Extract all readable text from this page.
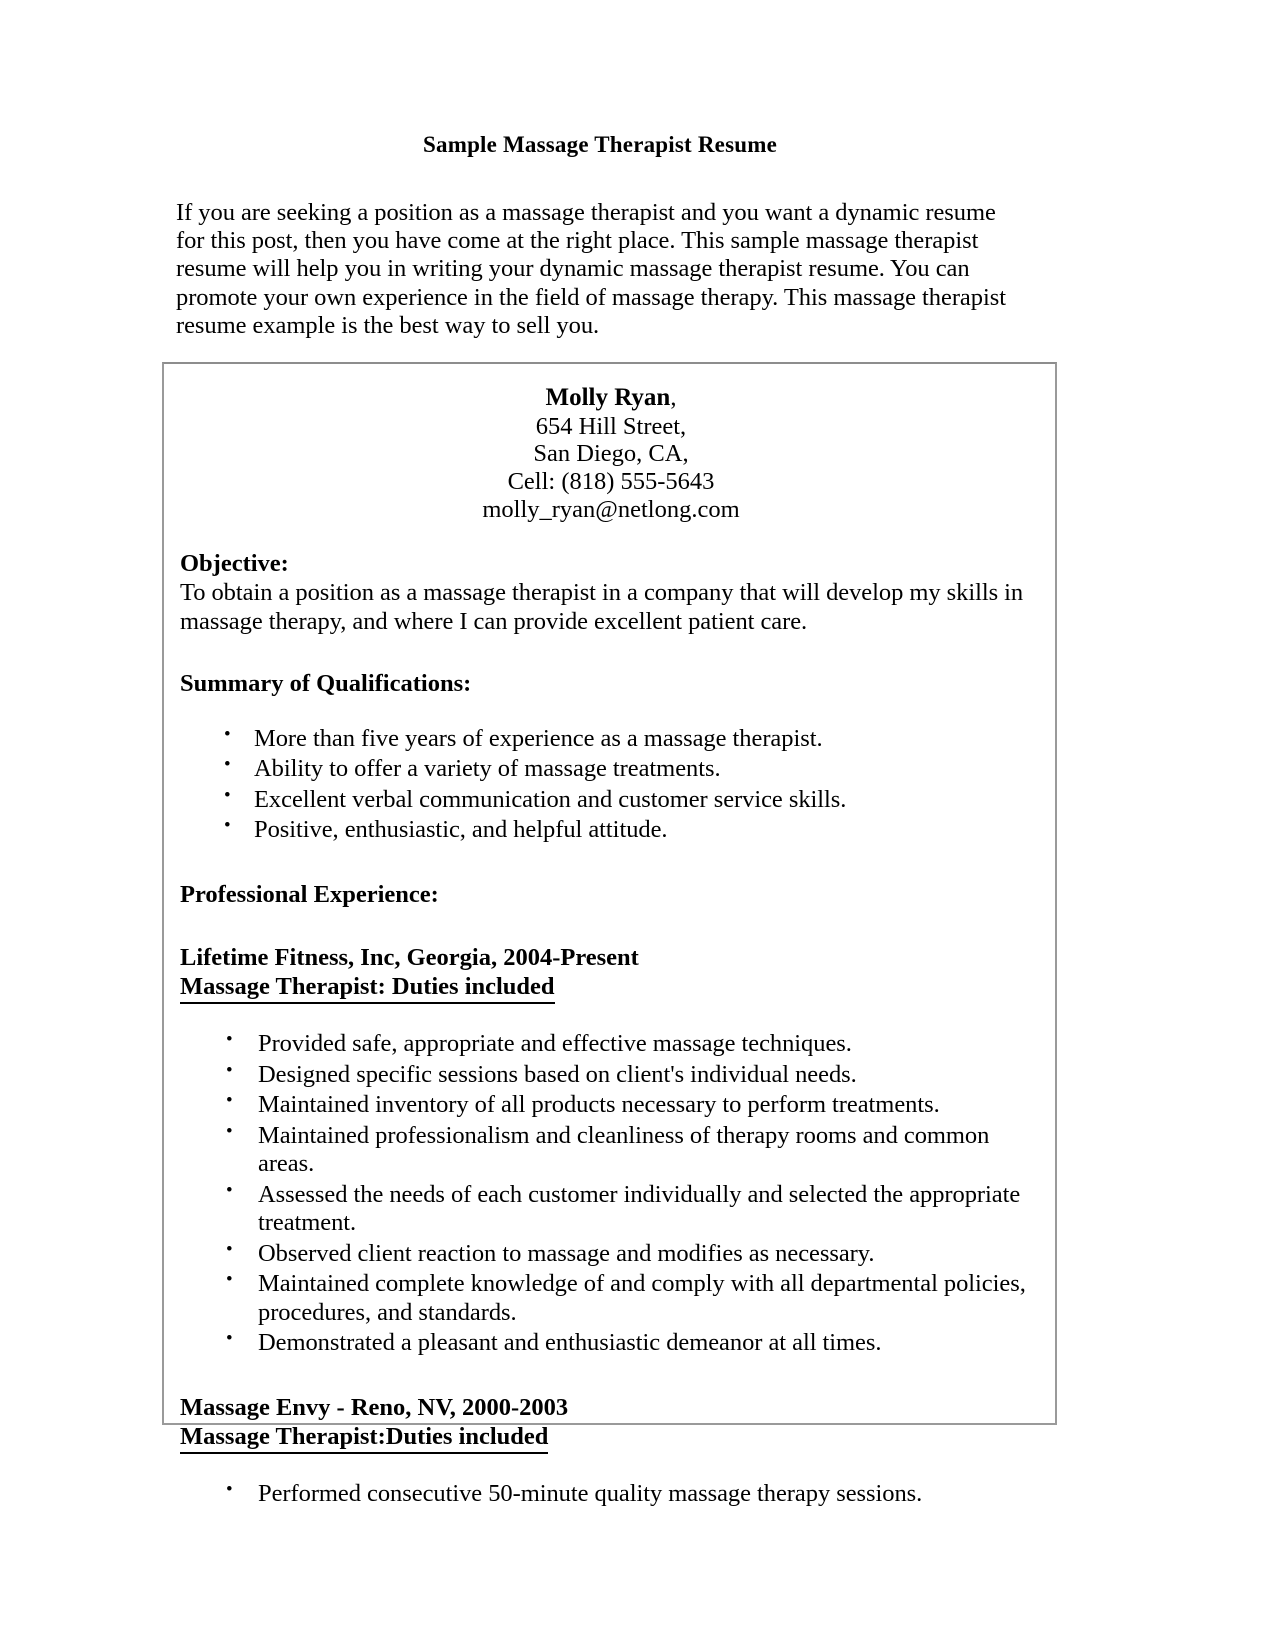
Sample Massage Therapist Resume

If you are seeking a position as a massage therapist and you want a dynamic resume for this post, then you have come at the right place. This sample massage therapist resume will help you in writing your dynamic massage therapist resume. You can promote your own experience in the field of massage therapy. This massage therapist resume example is the best way to sell you.

Molly Ryan,
654 Hill Street,
San Diego, CA,
Cell: (818) 555-5643
molly_ryan@netlong.com
Objective:
To obtain a position as a massage therapist in a company that will develop my skills in massage therapy, and where I can provide excellent patient care.
Summary of Qualifications:
• More than five years of experience as a massage therapist.
• Ability to offer a variety of massage treatments.
• Excellent verbal communication and customer service skills.
• Positive, enthusiastic, and helpful attitude.
Professional Experience:
Lifetime Fitness, Inc, Georgia, 2004-Present
Massage Therapist: Duties included
• Provided safe, appropriate and effective massage techniques.
• Designed specific sessions based on client's individual needs.
• Maintained inventory of all products necessary to perform treatments.
• Maintained professionalism and cleanliness of therapy rooms and common areas.
• Assessed the needs of each customer individually and selected the appropriate treatment.
• Observed client reaction to massage and modifies as necessary.
• Maintained complete knowledge of and comply with all departmental policies, procedures, and standards.
• Demonstrated a pleasant and enthusiastic demeanor at all times.
Massage Envy - Reno, NV, 2000-2003
Massage Therapist:Duties included
• Performed consecutive 50-minute quality massage therapy sessions.
